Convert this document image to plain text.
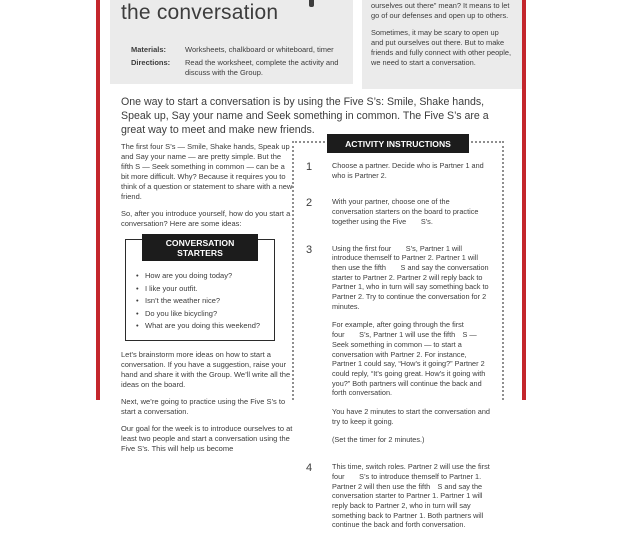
the conversation
Materials:	Worksheets, chalkboard or whiteboard, timer
Directions:	Read the worksheet, complete the activity and discuss with the Group.

ourselves out there” mean? It means to let go of our defenses and open up to others.

Sometimes, it may be scary to open up and put ourselves out there. But to make friends and fully connect with other people, we need to start a conversation.

One way to start a conversation is by using the Five S’s: Smile, Shake hands, Speak up, Say your name and Seek something in common. The Five S’s are a great way to meet and make new friends.

The first four S’s — Smile, Shake hands, Speak up and Say your name — are pretty simple. But the fifth S — Seek something in common — can be a bit more difficult. Why? Because it requires you to think of a question or statement to share with a new friend.

So, after you introduce yourself, how do you start a conversation? Here are some ideas:

CONVERSATION STARTERS
• How are you doing today?
• I like your outfit.
• Isn’t the weather nice?
• Do you like bicycling?
• What are you doing this weekend?

Let’s brainstorm more ideas on how to start a conversation. If you have a suggestion, raise your hand and share it with the Group. We’ll write all the ideas on the board.

Next, we’re going to practice using the Five S’s to start a conversation.

Our goal for the week is to introduce ourselves to at least two people and start a conversation using the Five S’s. This will help us become

ACTIVITY INSTRUCTIONS
1	Choose a partner. Decide who is Partner 1 and who is Partner 2.

2	With your partner, choose one of the conversation starters on the board to practice together using the Five  S’s.

3	Using the first four  S’s, Partner 1 will introduce themself to Partner 2. Partner 1 will then use the fifth  S and say the conversation starter to Partner 2. Partner 2 will reply back to Partner 1, who in turn will say something back to Partner 2. Try to continue the conversation for 2 minutes.

For example, after going through the first four  S’s, Partner 1 will use the fifth S — Seek something in common — to start a conversation with Partner 2. For instance, Partner 1 could say, “How’s it going?” Partner 2 could reply, “It’s going great. How’s it going with you?” Both partners will continue the back and forth conversation.

You have 2 minutes to start the conversation and try to keep it going.

(Set the timer for 2 minutes.)

4	This time, switch roles. Partner 2 will use the first four  S’s to introduce themself to Partner 1. Partner 2 will then use the fifth S and say the conversation starter to Partner 1. Partner 1 will reply back to Partner 2, who in turn will say something back to Partner 1. Both partners will continue the back and forth conversation.
